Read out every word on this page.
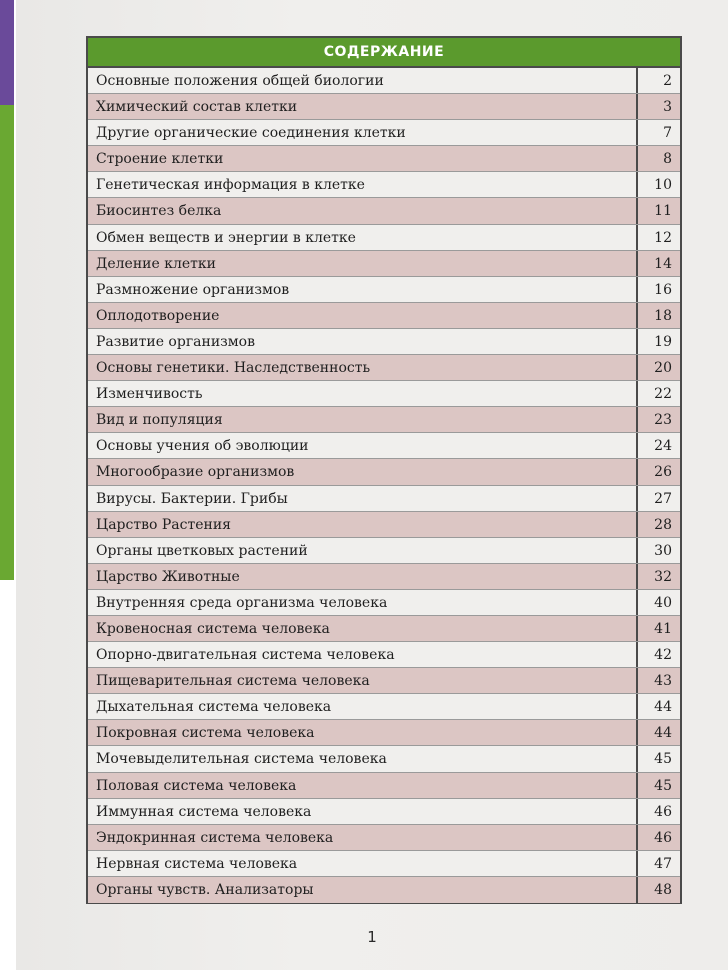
СОДЕРЖАНИЕ
Основные положения общей биологии	2
Химический состав клетки	3
Другие органические соединения клетки	7
Строение клетки	8
Генетическая информация в клетке	10
Биосинтез белка	11
Обмен веществ и энергии в клетке	12
Деление клетки	14
Размножение организмов	16
Оплодотворение	18
Развитие организмов	19
Основы генетики. Наследственность	20
Изменчивость	22
Вид и популяция	23
Основы учения об эволюции	24
Многообразие организмов	26
Вирусы. Бактерии. Грибы	27
Царство Растения	28
Органы цветковых растений	30
Царство Животные	32
Внутренняя среда организма человека	40
Кровеносная система человека	41
Опорно-двигательная система человека	42
Пищеварительная система человека	43
Дыхательная система человека	44
Покровная система человека	44
Мочевыделительная система человека	45
Половая система человека	45
Иммунная система человека	46
Эндокринная система человека	46
Нервная система человека	47
Органы чувств. Анализаторы	48
1
